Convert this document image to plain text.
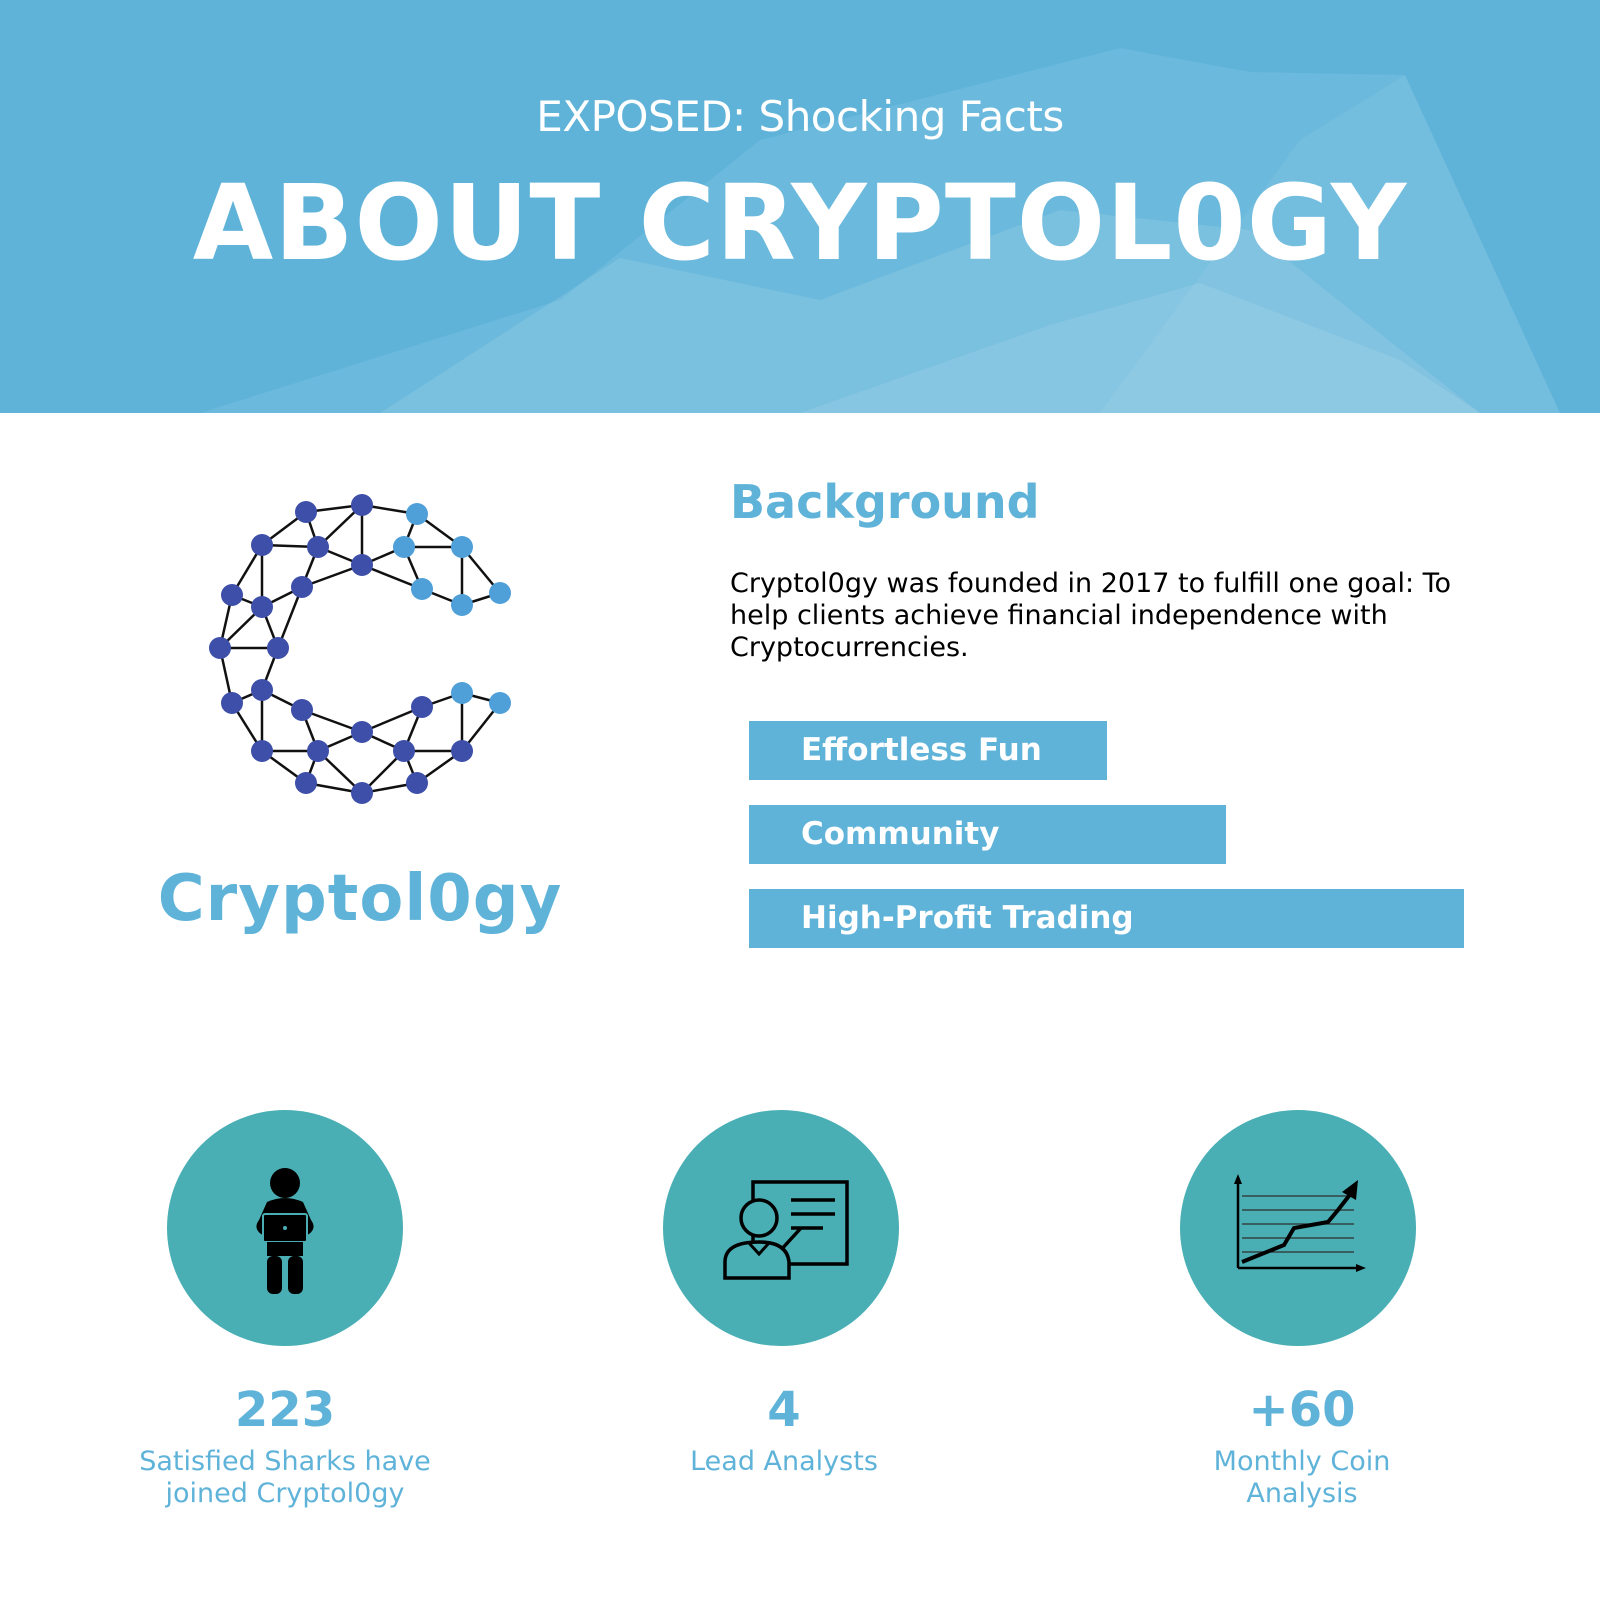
EXPOSED: Shocking Facts
ABOUT CRYPTOL0GY
Cryptol0gy
Background
Cryptol0gy was founded in 2017 to fulfill one goal: To help clients achieve financial independence with Cryptocurrencies.
Effortless Fun
Community
High-Profit Trading
223
Satisfied Sharks have
joined Cryptol0gy
4
Lead Analysts
+60
Monthly Coin
Analysis
